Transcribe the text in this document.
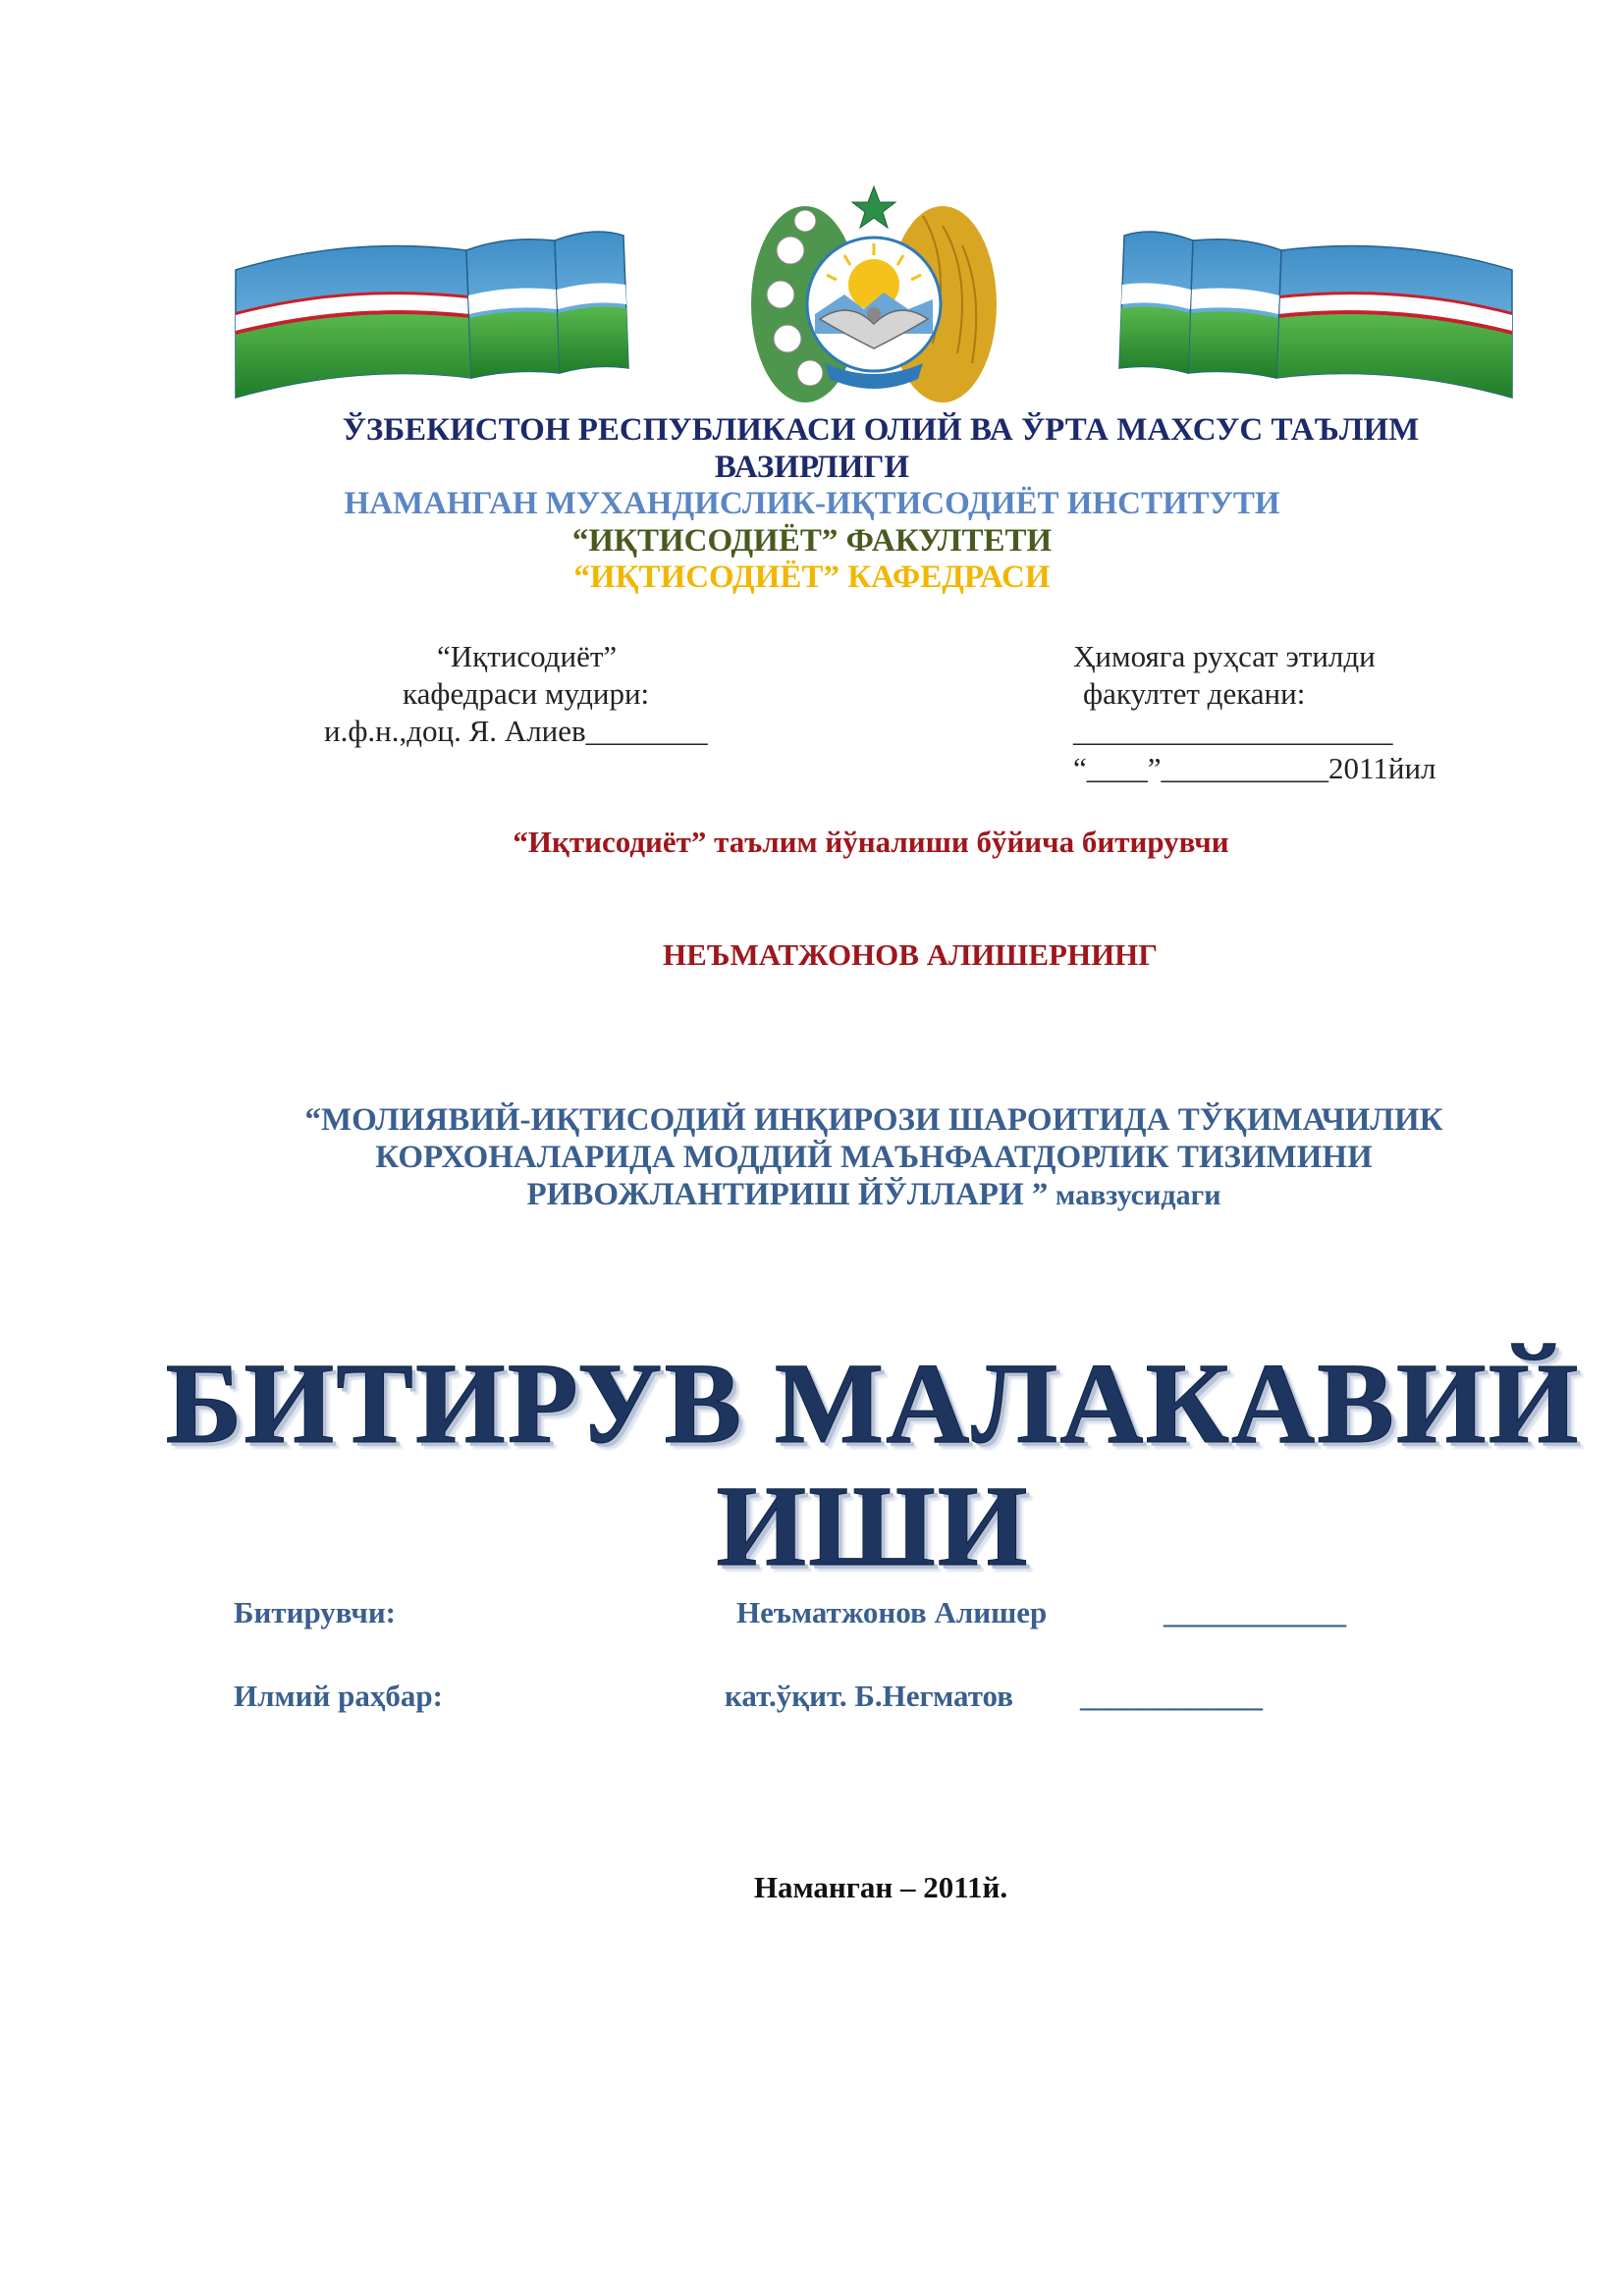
ЎЗБЕКИСТОН РЕСПУБЛИКАСИ ОЛИЙ ВА ЎРТА МАХСУС ТАЪЛИМ
ВАЗИРЛИГИ
НАМАНГАН МУХАНДИСЛИК-ИҚТИСОДИЁТ ИНСТИТУТИ
“ИҚТИСОДИЁТ” ФАКУЛТЕТИ
“ИҚТИСОДИЁТ” КАФЕДРАСИ
“Иқтисодиёт”
кафедраси мудири:
и.ф.н.,доц. Я. Алиев________
Ҳимояга руҳсат этилди
факултет декани:
_____________________
“____”___________2011йил
“Иқтисодиёт” таълим йўналиши бўйича битирувчи
НЕЪМАТЖОНОВ АЛИШЕРНИНГ
“МОЛИЯВИЙ-ИҚТИСОДИЙ ИНҚИРОЗИ ШАРОИТИДА ТЎҚИМАЧИЛИК
КОРХОНАЛАРИДА МОДДИЙ МАЪНФААТДОРЛИК ТИЗИМИНИ
РИВОЖЛАНТИРИШ ЙЎЛЛАРИ ” мавзусидаги
БИТИРУВ МАЛАКАВИЙ
ИШИ
Битирувчи:	Неъматжонов Алишер	____________
Илмий раҳбар:	кат.ўқит. Б.Негматов ____________
Наманган – 2011й.
